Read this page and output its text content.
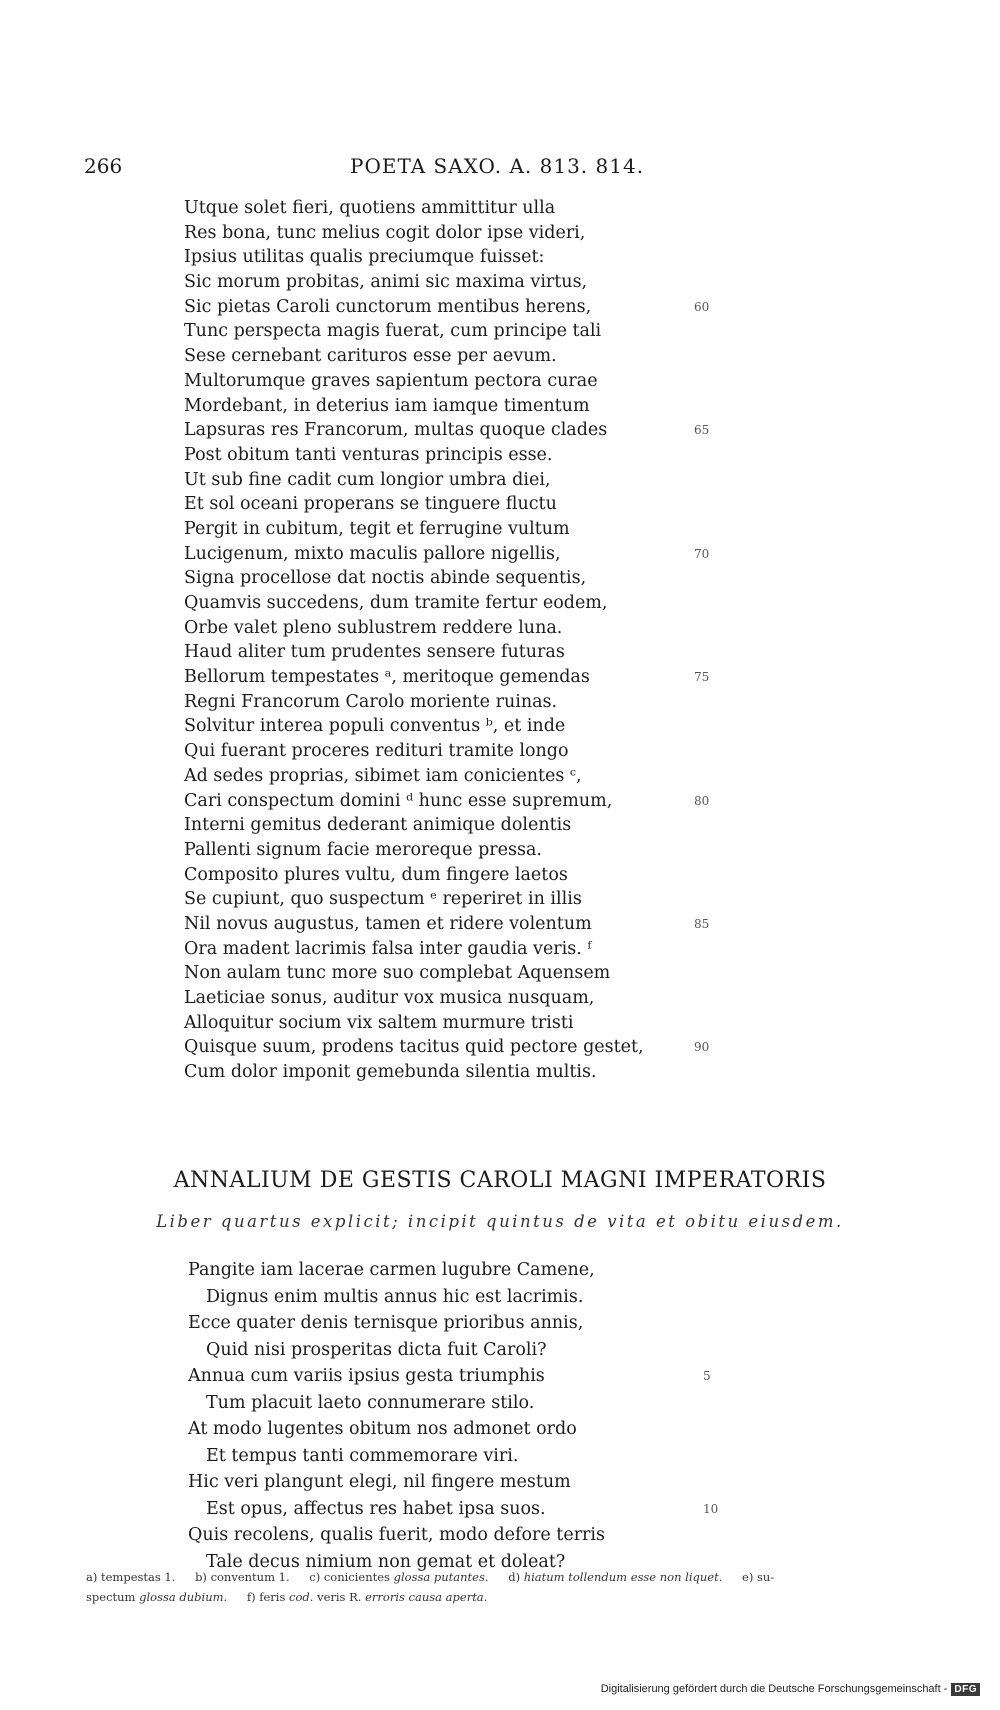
266	POETA SAXO. A. 813. 814.
Utque solet fieri, quotiens ammittitur ulla
Res bona, tunc melius cogit dolor ipse videri,
Ipsius utilitas qualis preciumque fuisset:
Sic morum probitas, animi sic maxima virtus,
Sic pietas Caroli cunctorum mentibus herens,	60
Tunc perspecta magis fuerat, cum principe tali
Sese cernebant carituros esse per aevum.
Multorumque graves sapientum pectora curae
Mordebant, in deterius iam iamque timentum
Lapsuras res Francorum, multas quoque clades	65
Post obitum tanti venturas principis esse.
Ut sub fine cadit cum longior umbra diei,
Et sol oceani properans se tinguere fluctu
Pergit in cubitum, tegit et ferrugine vultum
Lucigenum, mixto maculis pallore nigellis,	70
Signa procellose dat noctis abinde sequentis,
Quamvis succedens, dum tramite fertur eodem,
Orbe valet pleno sublustrem reddere luna.
Haud aliter tum prudentes sensere futuras
Bellorum tempestates ᵃ, meritoque gemendas	75
Regni Francorum Carolo moriente ruinas.
Solvitur interea populi conventus ᵇ, et inde
Qui fuerant proceres redituri tramite longo
Ad sedes proprias, sibimet iam conicientes ᶜ,
Cari conspectum domini ᵈ hunc esse supremum,	80
Interni gemitus dederant animique dolentis
Pallenti signum facie meroreque pressa.
Composito plures vultu, dum fingere laetos
Se cupiunt, quo suspectum ᵉ reperiret in illis
Nil novus augustus, tamen et ridere volentum	85
Ora madent lacrimis falsa inter gaudia veris. ᶠ
Non aulam tunc more suo complebat Aquensem
Laeticiae sonus, auditur vox musica nusquam,
Alloquitur socium vix saltem murmure tristi
Quisque suum, prodens tacitus quid pectore gestet,	90
Cum dolor imponit gemebunda silentia multis.
ANNALIUM DE GESTIS CAROLI MAGNI IMPERATORIS
Liber quartus explicit; incipit quintus de vita et obitu eiusdem.
Pangite iam lacerae carmen lugubre Camene,
Dignus enim multis annus hic est lacrimis.
Ecce quater denis ternisque prioribus annis,
Quid nisi prosperitas dicta fuit Caroli?
Annua cum variis ipsius gesta triumphis	5
Tum placuit laeto connumerare stilo.
At modo lugentes obitum nos admonet ordo
Et tempus tanti commemorare viri.
Hic veri plangunt elegi, nil fingere mestum
Est opus, affectus res habet ipsa suos.	10
Quis recolens, qualis fuerit, modo defore terris
Tale decus nimium non gemat et doleat?
a) tempestas 1. b) conventum 1. c) conicientes glossa putantes. d) hiatum tollendum esse non liquet. e) su-
spectum glossa dubium. f) feris cod. veris R. erroris causa aperta.
Digitalisierung gefördert durch die Deutsche Forschungsgemeinschaft - DFG
